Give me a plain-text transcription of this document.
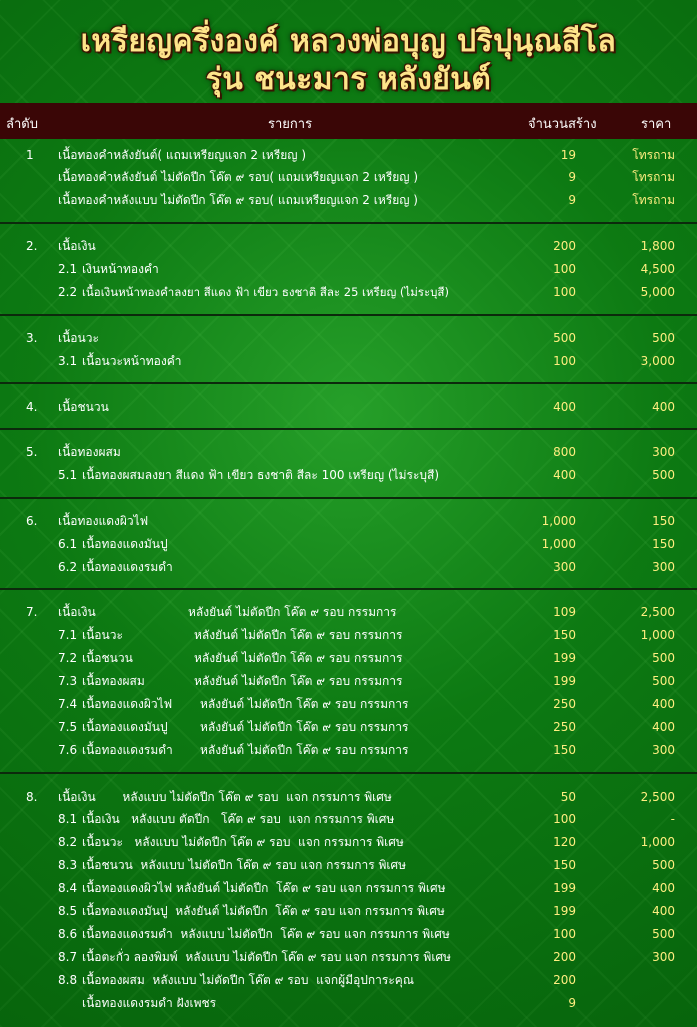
เหรียญครึ่งองค์ หลวงพ่อบุญ ปริปุนฺณสีโล
รุ่น ชนะมาร หลังยันต์
ลำดับ	รายการ	จำนวนสร้าง	ราคา
1 เนื้อทองคำหลังยันต์( แถมเหรียญแจก 2 เหรียญ )	19	โทรถาม
เนื้อทองคำหลังยันต์ ไม่ตัดปีก โค๊ต ๙ รอบ( แถมเหรียญแจก 2 เหรียญ )	9	โทรถาม
เนื้อทองคำหลังแบบ ไม่ตัดปีก โค๊ต ๙ รอบ( แถมเหรียญแจก 2 เหรียญ )	9	โทรถาม
2. เนื้อเงิน	200	1,800
2.1 เงินหน้าทองคำ	100	4,500
2.2 เนื้อเงินหน้าทองคำลงยา สีแดง ฟ้า เขียว ธงชาติ สีละ 25 เหรียญ (ไม่ระบุสี)	100	5,000
3. เนื้อนวะ	500	500
3.1 เนื้อนวะหน้าทองคำ	100	3,000
4. เนื้อชนวน	400	400
5. เนื้อทองผสม	800	300
5.1 เนื้อทองผสมลงยา สีแดง ฟ้า เขียว ธงชาติ สีละ 100 เหรียญ (ไม่ระบุสี)	400	500
6. เนื้อทองแดงผิวไฟ	1,000	150
6.1 เนื้อทองแดงมันปู	1,000	150
6.2 เนื้อทองแดงรมดำ	300	300
7. เนื้อเงิน	หลังยันต์ ไม่ตัดปีก โค๊ต ๙ รอบ กรรมการ	109	2,500
7.1 เนื้อนวะ	หลังยันต์ ไม่ตัดปีก โค๊ต ๙ รอบ กรรมการ	150	1,000
7.2 เนื้อชนวน	หลังยันต์ ไม่ตัดปีก โค๊ต ๙ รอบ กรรมการ	199	500
7.3 เนื้อทองผสม	หลังยันต์ ไม่ตัดปีก โค๊ต ๙ รอบ กรรมการ	199	500
7.4 เนื้อทองแดงผิวไฟ หลังยันต์ ไม่ตัดปีก โค๊ต ๙ รอบ กรรมการ	250	400
7.5 เนื้อทองแดงมันปู	หลังยันต์ ไม่ตัดปีก โค๊ต ๙ รอบ กรรมการ	250	400
7.6 เนื้อทองแดงรมดำ หลังยันต์ ไม่ตัดปีก โค๊ต ๙ รอบ กรรมการ	150	300
8. เนื้อเงิน       หลังแบบ ไม่ตัดปีก โค๊ต ๙ รอบ  แจก กรรมการ พิเศษ	50	2,500
8.1 เนื้อเงิน   หลังแบบ ตัดปีก   โค๊ต ๙ รอบ  แจก กรรมการ พิเศษ	100	-
8.2 เนื้อนวะ   หลังแบบ ไม่ตัดปีก โค๊ต ๙ รอบ  แจก กรรมการ พิเศษ	120	1,000
8.3 เนื้อชนวน  หลังแบบ ไม่ตัดปีก โค๊ต ๙ รอบ แจก กรรมการ พิเศษ	150	500
8.4 เนื้อทองแดงผิวไฟ หลังยันต์ ไม่ตัดปีก  โค๊ต ๙ รอบ แจก กรรมการ พิเศษ	199	400
8.5 เนื้อทองแดงมันปู  หลังยันต์ ไม่ตัดปีก  โค๊ต ๙ รอบ แจก กรรมการ พิเศษ	199	400
8.6 เนื้อทองแดงรมดำ  หลังแบบ ไม่ตัดปีก  โค๊ต ๙ รอบ แจก กรรมการ พิเศษ	100	500
8.7 เนื้อตะกั่ว ลองพิมพ์  หลังแบบ ไม่ตัดปีก โค๊ต ๙ รอบ แจก กรรมการ พิเศษ	200	300
8.8 เนื้อทองผสม  หลังแบบ ไม่ตัดปีก โค๊ต ๙ รอบ  แจกผู้มีอุปการะคุณ	200
เนื้อทองแดงรมดำ ฝังเพชร	9
